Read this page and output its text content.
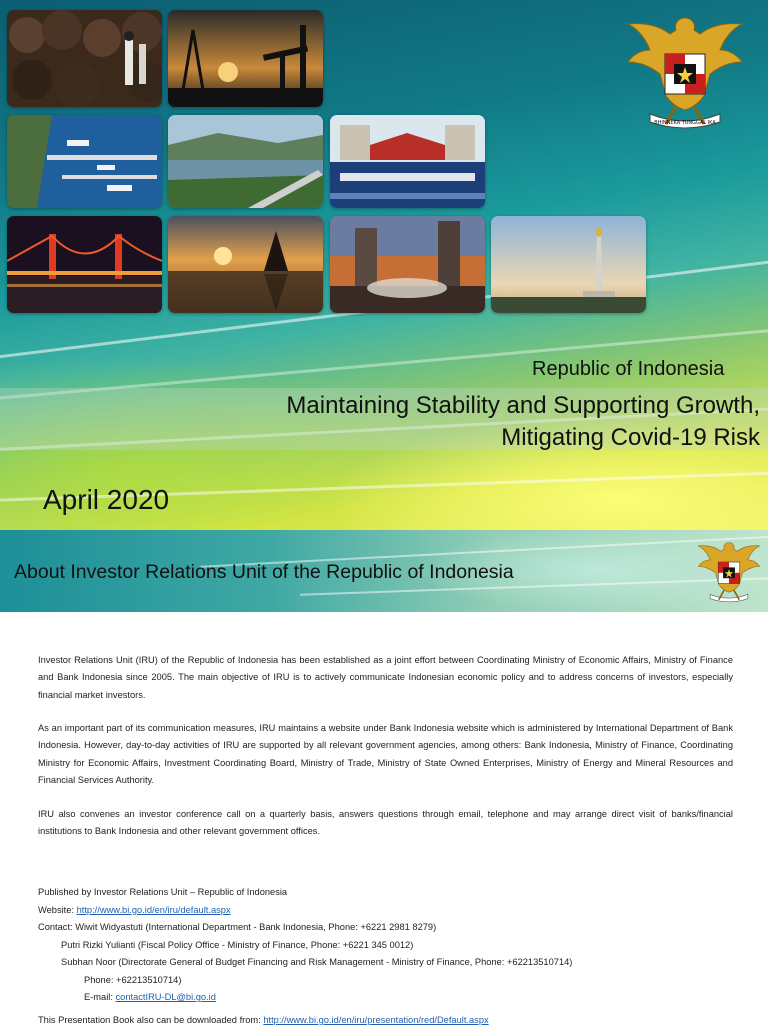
BHINNEKA TUNGGAL IKA
Republic of Indonesia
Maintaining Stability and Supporting Growth,
Mitigating Covid-19 Risk
April 2020
About Investor Relations Unit of the Republic of Indonesia
Investor Relations Unit (IRU) of the Republic of Indonesia has been established as a joint effort between Coordinating Ministry of Economic Affairs, Ministry of Finance and Bank Indonesia since 2005. The main objective of IRU is to actively communicate Indonesian economic policy and to address concerns of investors, especially financial market investors.
As an important part of its communication measures, IRU maintains a website under Bank Indonesia website which is administered by International Department of Bank Indonesia. However, day-to-day activities of IRU are supported by all relevant government agencies, among others: Bank Indonesia, Ministry of Finance, Coordinating Ministry for Economic Affairs, Investment Coordinating Board, Ministry of Trade, Ministry of State Owned Enterprises, Ministry of Energy and Mineral Resources and Financial Services Authority.
IRU also convenes an investor conference call on a quarterly basis, answers questions through email, telephone and may arrange direct visit of banks/financial institutions to Bank Indonesia and other relevant government offices.
Published by Investor Relations Unit – Republic of Indonesia
Website: http://www.bi.go.id/en/iru/default.aspx
Contact: Wiwit Widyastuti (International Department - Bank Indonesia, Phone: +6221 2981 8279)
Putri Rizki Yulianti (Fiscal Policy Office - Ministry of Finance, Phone: +6221 345 0012)
Subhan Noor (Directorate General of Budget Financing and Risk Management - Ministry of Finance, Phone: +62213510714)
Phone: +62213510714)
E-mail: contactIRU-DL@bi.go.id
This Presentation Book also can be downloaded from: http://www.bi.go.id/en/iru/presentation/red/Default.aspx
